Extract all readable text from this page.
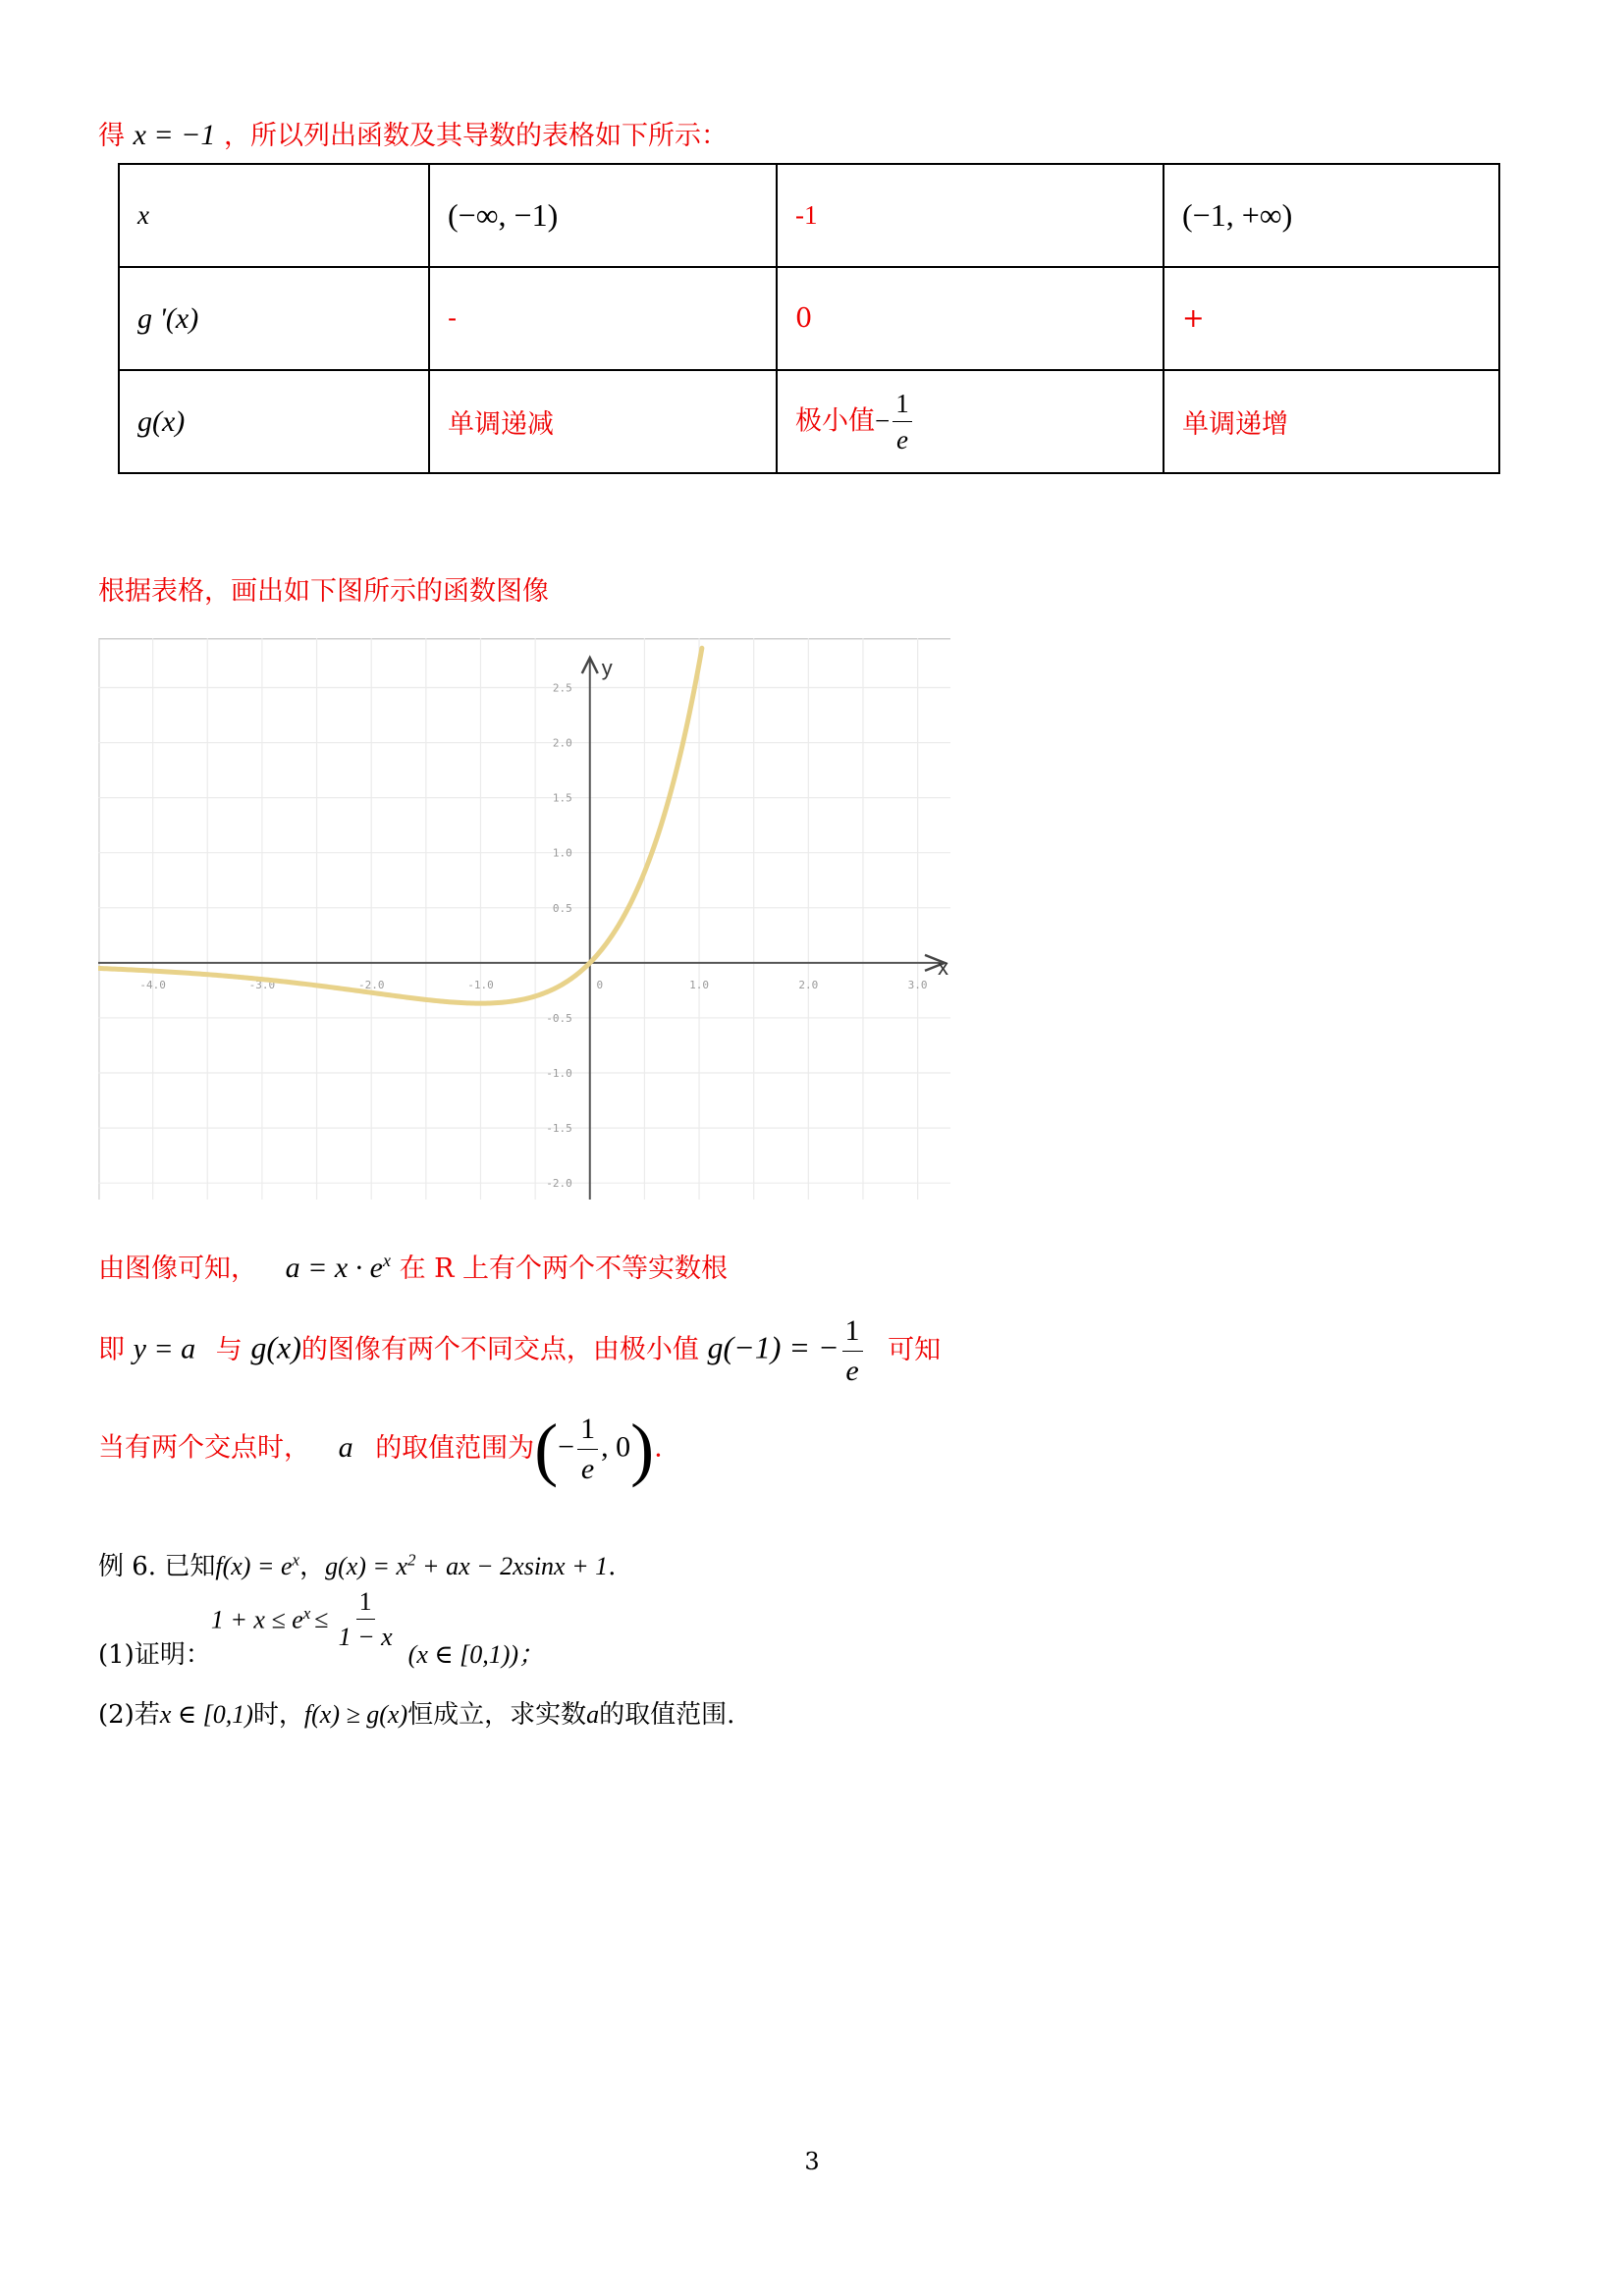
得 x = −1 ，所以列出函数及其导数的表格如下所示：
x	(−∞, −1)	-1	(−1, +∞)
g '(x)	-	0	+
g(x)	单调递减	极小值− $\frac{1}{e}$	单调递增
根据表格，画出如下图所示的函数图像
-4.0	-3.0	-2.0	-1.0	0	1.0	2.0	3.0
2.5
2.0
1.5
1.0
0.5
-0.5
-1.0
-1.5
-2.0
x
y
由图像可知， $a = x \cdot e^x$ 在 R 上有个两个不等实数根
即 y = a 与 g(x)的图像有两个不同交点，由极小值 g(−1) = − $\frac{1}{e}$ 可知
当有两个交点时， a 的取值范围为(− $\frac{1}{e}$ , 0).
例 6. 已知$f(x) = e^x$，$g(x) = x^2$ + ax − 2xsinx + 1.
(1)证明：
$1 + x \le e^x \le \frac{1}{1 - x}$
(x ∈ [0,1))；
(2)若x ∈ [0,1)时，f(x) ≥ g(x)恒成立，求实数a的取值范围.
3
